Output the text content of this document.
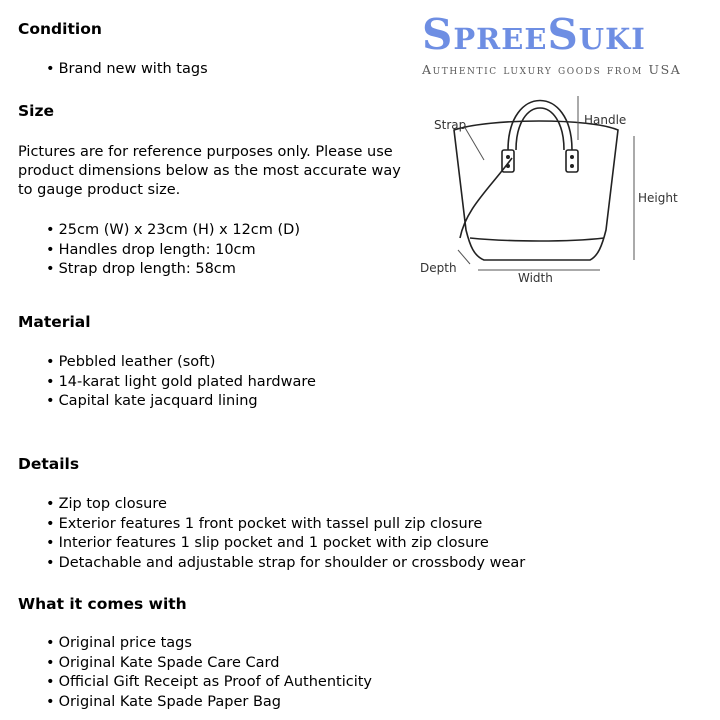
SpreeSuki
Authentic luxury goods from USA
Condition
• Brand new with tags
Size

Pictures are for reference purposes only. Please use product dimensions below as the most accurate way to gauge product size.

• 25cm (W) x 23cm (H) x 12cm (D)
• Handles drop length: 10cm
• Strap drop length: 58cm
Strap	Handle
Height
Depth
Width
Material
• Pebbled leather (soft)
• 14-karat light gold plated hardware
• Capital kate jacquard lining
Details
• Zip top closure
• Exterior features 1 front pocket with tassel pull zip closure
• Interior features 1 slip pocket and 1 pocket with zip closure
• Detachable and adjustable strap for shoulder or crossbody wear
What it comes with
• Original price tags
• Original Kate Spade Care Card
• Official Gift Receipt as Proof of Authenticity
• Original Kate Spade Paper Bag
